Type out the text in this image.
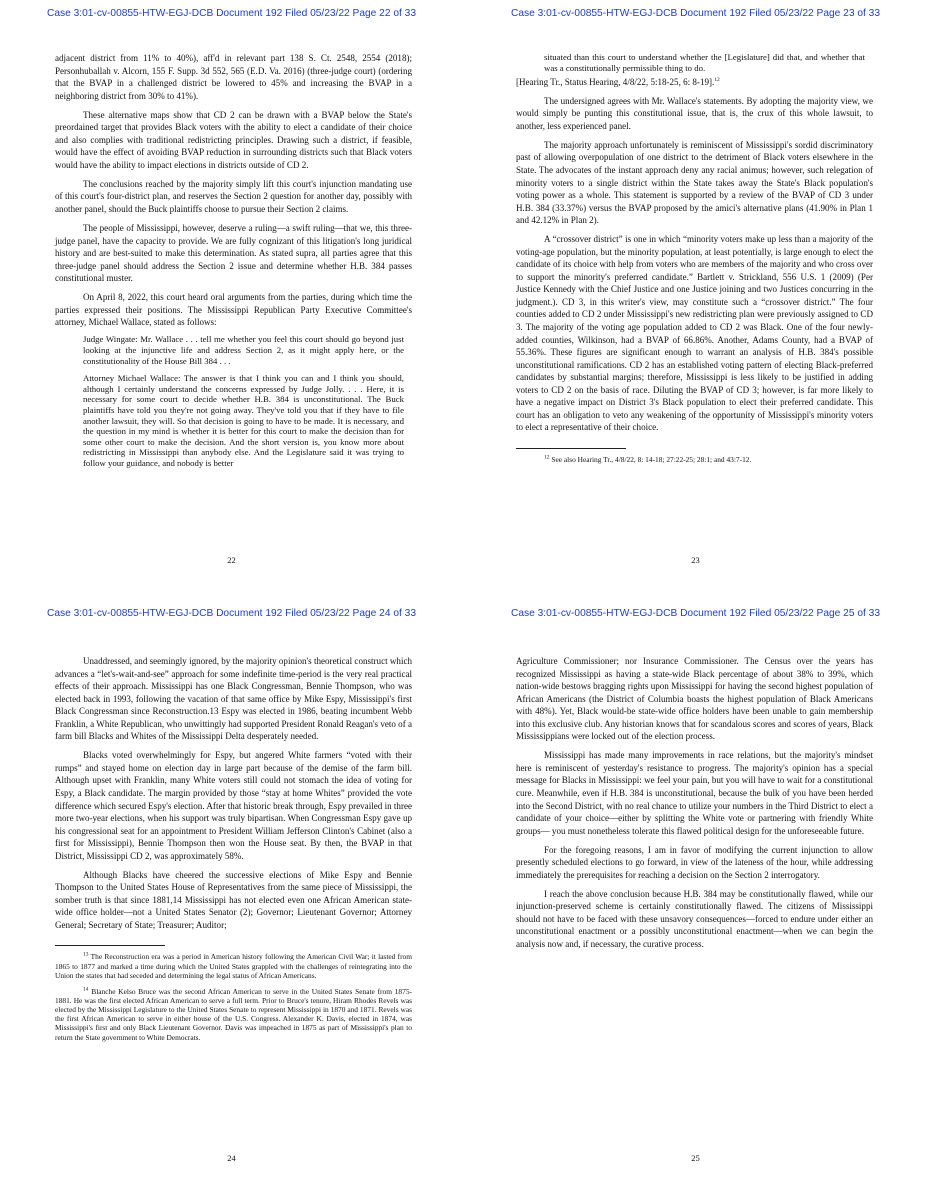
Case 3:01-cv-00855-HTW-EGJ-DCB Document 192 Filed 05/23/22 Page 22 of 33

adjacent district from 11% to 40%), aff'd in relevant part 138 S. Ct. 2548, 2554 (2018); Personhuballah v. Alcorn, 155 F. Supp. 3d 552, 565 (E.D. Va. 2016) (three-judge court) (ordering that the BVAP in a challenged district be lowered to 45% and increasing the BVAP in a neighboring district from 30% to 41%).

These alternative maps show that CD 2 can be drawn with a BVAP below the State's preordained target that provides Black voters with the ability to elect a candidate of their choice and also complies with traditional redistricting principles. Drawing such a district, if feasible, would have the effect of avoiding BVAP reduction in surrounding districts such that Black voters would have the ability to impact elections in districts outside of CD 2.

The conclusions reached by the majority simply lift this court's injunction mandating use of this court's four-district plan, and reserves the Section 2 question for another day, possibly with another panel, should the Buck plaintiffs choose to pursue their Section 2 claims.

The people of Mississippi, however, deserve a ruling—a swift ruling—that we, this three-judge panel, have the capacity to provide. We are fully cognizant of this litigation's long juridical history and are best-suited to make this determination. As stated supra, all parties agree that this three-judge panel should address the Section 2 issue and determine whether H.B. 384 passes constitutional muster.

On April 8, 2022, this court heard oral arguments from the parties, during which time the parties expressed their positions. The Mississippi Republican Party Executive Committee's attorney, Michael Wallace, stated as follows:

Judge Wingate: Mr. Wallace . . . tell me whether you feel this court should go beyond just looking at the injunctive life and address Section 2, as it might apply here, or the constitutionality of the House Bill 384 . . .

Attorney Michael Wallace: The answer is that I think you can and I think you should, although I certainly understand the concerns expressed by Judge Jolly. . . . Here, it is necessary for some court to decide whether H.B. 384 is unconstitutional. The Buck plaintiffs have told you they're not going away. They've told you that if they have to file another lawsuit, they will. So that decision is going to have to be made. It is necessary, and the question in my mind is whether it is better for this court to make the decision than for some other court to make the decision. And the short version is, you know more about redistricting in Mississippi than anybody else. And the Legislature said it was trying to follow your guidance, and nobody is better

22
Case 3:01-cv-00855-HTW-EGJ-DCB Document 192 Filed 05/23/22 Page 23 of 33

situated than this court to understand whether the [Legislature] did that, and whether that was a constitutionally permissible thing to do.

[Hearing Tr., Status Hearing, 4/8/22, 5:18-25, 6: 8-19].$^{12}$

The undersigned agrees with Mr. Wallace's statements. By adopting the majority view, we would simply be punting this constitutional issue, that is, the crux of this whole lawsuit, to another, less experienced panel.

The majority approach unfortunately is reminiscent of Mississippi's sordid discriminatory past of allowing overpopulation of one district to the detriment of Black voters elsewhere in the State. The advocates of the instant approach deny any racial animus; however, such relegation of minority voters to a single district within the State takes away the State's Black population's voting power as a whole. This statement is supported by a review of the BVAP of CD 3 under H.B. 384 (33.37%) versus the BVAP proposed by the amici's alternative plans (41.90% in Plan 1 and 42.12% in Plan 2).

A “crossover district” is one in which “minority voters make up less than a majority of the voting-age population, but the minority population, at least potentially, is large enough to elect the candidate of its choice with help from voters who are members of the majority and who cross over to support the minority's preferred candidate.” Bartlett v. Strickland, 556 U.S. 1 (2009) (Per Justice Kennedy with the Chief Justice and one Justice joining and two Justices concurring in the judgment.). CD 3, in this writer's view, may constitute such a “crossover district.” The four counties added to CD 2 under Mississippi's new redistricting plan were previously assigned to CD 3. The majority of the voting age population added to CD 2 was Black. One of the four newly-added counties, Wilkinson, had a BVAP of 66.86%. Another, Adams County, had a BVAP of 55.36%. These figures are significant enough to warrant an analysis of H.B. 384's possible unconstitutional ramifications. CD 2 has an established voting pattern of electing Black-preferred candidates by substantial margins; therefore, Mississippi is less likely to be justified in adding voters to CD 2 on the basis of race. Diluting the BVAP of CD 3; however, is far more likely to have a negative impact on District 3's Black population to elect their preferred candidate. This court has an obligation to veto any weakening of the opportunity of Mississippi's minority voters to elect a representative of their choice.

$^{12}$ See also Hearing Tr., 4/8/22, 8: 14-18; 27:22-25; 28:1; and 43:7-12.

23
Case 3:01-cv-00855-HTW-EGJ-DCB Document 192 Filed 05/23/22 Page 24 of 33

Unaddressed, and seemingly ignored, by the majority opinion's theoretical construct which advances a “let's-wait-and-see” approach for some indefinite time-period is the very real practical effects of their approach. Mississippi has one Black Congressman, Bennie Thompson, who was elected back in 1993, following the vacation of that same office by Mike Espy, Mississippi's first Black Congressman since Reconstruction.13 Espy was elected in 1986, beating incumbent Webb Franklin, a White Republican, who unwittingly had supported President Ronald Reagan's veto of a farm bill Blacks and Whites of the Mississippi Delta desperately needed.

Blacks voted overwhelmingly for Espy, but angered White farmers “voted with their rumps” and stayed home on election day in large part because of the demise of the farm bill. Although upset with Franklin, many White voters still could not stomach the idea of voting for Espy, a Black candidate. The margin provided by those “stay at home Whites” provided the vote difference which secured Espy's election. After that historic break through, Espy prevailed in three more two-year elections, when his support was truly bipartisan. When Congressman Espy gave up his congressional seat for an appointment to President William Jefferson Clinton's Cabinet (also a first for Mississippi), Bennie Thompson then won the House seat. By then, the BVAP in that District, Mississippi CD 2, was approximately 58%.

Although Blacks have cheered the successive elections of Mike Espy and Bennie Thompson to the United States House of Representatives from the same piece of Mississippi, the somber truth is that since 1881,14 Mississippi has not elected even one African American state-wide office holder—not a United States Senator (2); Governor; Lieutenant Governor; Attorney General; Secretary of State; Treasurer; Auditor;

$^{13}$ The Reconstruction era was a period in American history following the American Civil War; it lasted from 1865 to 1877 and marked a time during which the United States grappled with the challenges of reintegrating into the Union the states that had seceded and determining the legal status of African Americans.

$^{14}$ Blanche Kelso Bruce was the second African American to serve in the United States Senate from 1875-1881. He was the first elected African American to serve a full term. Prior to Bruce's tenure, Hiram Rhodes Revels was elected by the Mississippi Legislature to the United States Senate to represent Mississippi in 1870 and 1871. Revels was the first African American to serve in either house of the U.S. Congress. Alexander K. Davis, elected in 1874, was Mississippi's first and only Black Lieutenant Governor. Davis was impeached in 1875 as part of Mississippi's plan to return the State government to White Democrats.

24
Case 3:01-cv-00855-HTW-EGJ-DCB Document 192 Filed 05/23/22 Page 25 of 33

Agriculture Commissioner; nor Insurance Commissioner. The Census over the years has recognized Mississippi as having a state-wide Black percentage of about 38% to 39%, which nation-wide bestows bragging rights upon Mississippi for having the second highest population of African Americans (the District of Columbia boasts the highest population of Black Americans with 48%). Yet, Black would-be state-wide office holders have been unable to gain membership into this exclusive club. Any historian knows that for scandalous scores and scores of years, Black Mississippians were locked out of the election process.

Mississippi has made many improvements in race relations, but the majority's mindset here is reminiscent of yesterday's resistance to progress. The majority's opinion has a special message for Blacks in Mississippi: we feel your pain, but you will have to wait for a constitutional cure. Meanwhile, even if H.B. 384 is unconstitutional, because the bulk of you have been herded into the Second District, with no real chance to utilize your numbers in the Third District to elect a candidate of your choice—either by splitting the White vote or partnering with friendly White groups— you must nonetheless tolerate this flawed political design for the unforeseeable future.

For the foregoing reasons, I am in favor of modifying the current injunction to allow presently scheduled elections to go forward, in view of the lateness of the hour, while addressing immediately the prerequisites for reaching a decision on the Section 2 interrogatory.

I reach the above conclusion because H.B. 384 may be constitutionally flawed, while our injunction-preserved scheme is certainly constitutionally flawed. The citizens of Mississippi should not have to be faced with these unsavory consequences—forced to endure under either an unconstitutional enactment or a possibly unconstitutional enactment—when we can begin the analysis now and, if necessary, the curative process.

25
